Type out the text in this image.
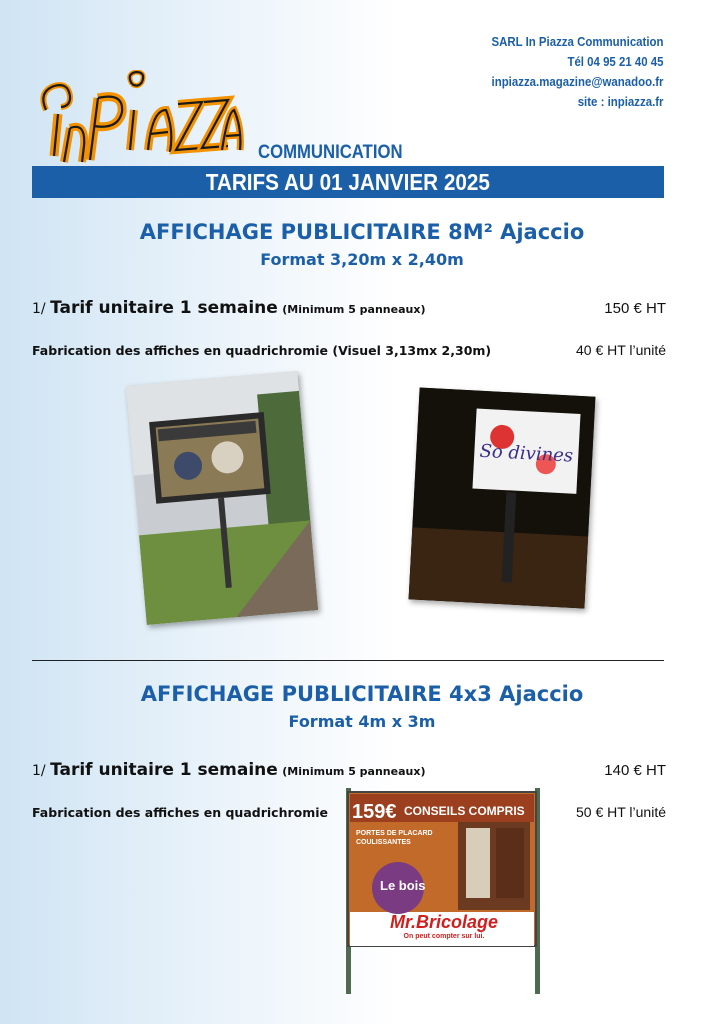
SARL In Piazza Communication
Tél 04 95 21 40 45
inpiazza.magazine@wanadoo.fr
site : inpiazza.fr
COMMUNICATION
TARIFS AU 01 JANVIER 2025
AFFICHAGE PUBLICITAIRE 8M² Ajaccio
Format 3,20m x 2,40m
1/ Tarif unitaire 1 semaine (Minimum 5 panneaux)	150 € HT
Fabrication des affiches en quadrichromie (Visuel 3,13mx 2,30m)	40 € HT l’unité
So divines
AFFICHAGE PUBLICITAIRE 4x3 Ajaccio
Format 4m x 3m
1/ Tarif unitaire 1 semaine (Minimum 5 panneaux)	140 € HT
Fabrication des affiches en quadrichromie	50 € HT l’unité
159€ CONSEILS COMPRIS
PORTES DE PLACARD
COULISSANTES
Le bois
Mr.Bricolage
On peut compter sur lui.
